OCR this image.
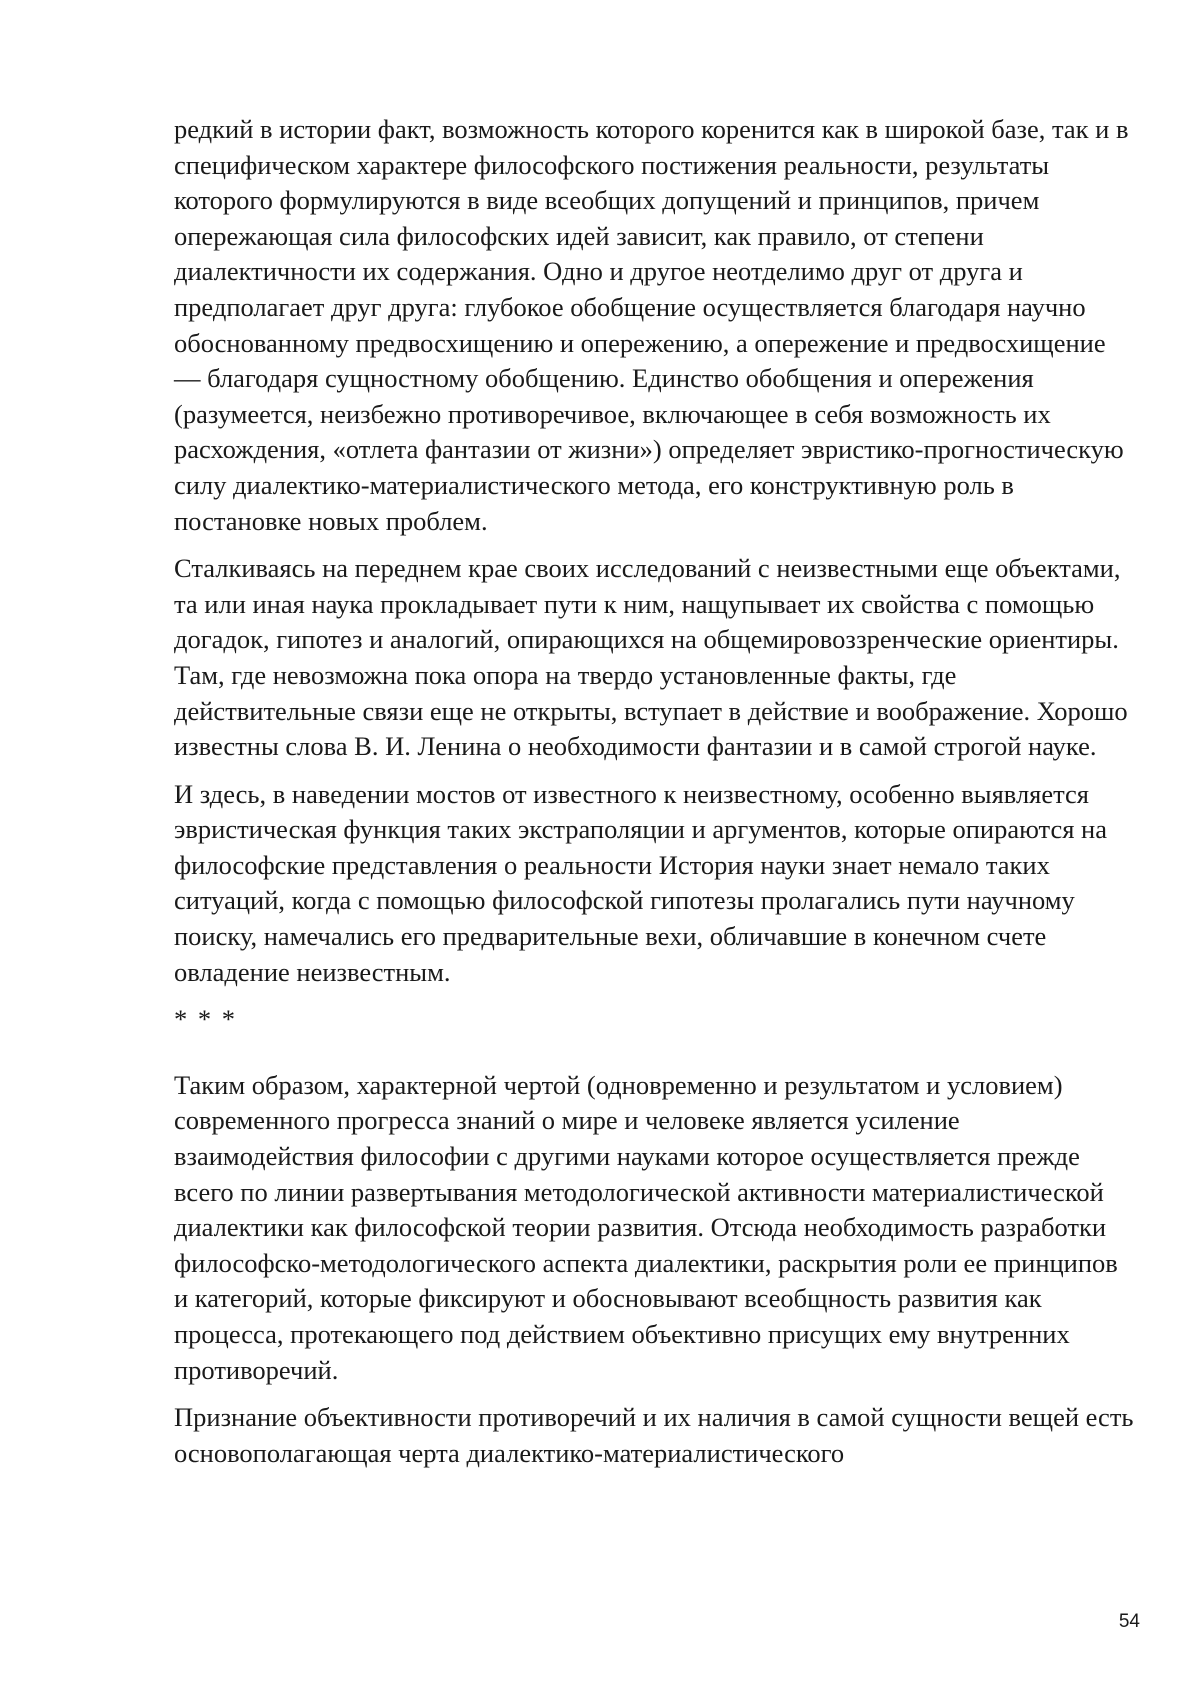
редкий в истории факт, возможность которого коренится как в широкой базе, так и в специфическом характере философского постижения реальности, результаты которого формулируются в виде всеобщих допущений и принципов, причем опережающая сила философских идей зависит, как правило, от степени диалектичности их содержания. Одно и другое неотделимо друг от друга и предполагает друг друга: глубокое обобщение осуществляется благодаря научно обоснованному предвосхищению и опережению, а опережение и предвосхищение — благодаря сущностному обобщению. Единство обобщения и опережения (разумеется, неизбежно противоречивое, включающее в себя возможность их расхождения, «отлета фантазии от жизни») определяет эвристико-прогностическую силу диалектико-материалистического метода, его конструктивную роль в постановке новых проблем.

Сталкиваясь на переднем крае своих исследований с неизвестными еще объектами, та или иная наука прокладывает пути к ним, нащупывает их свойства с помощью догадок, гипотез и аналогий, опирающихся на общемировоззренческие ориентиры. Там, где невозможна пока опора на твердо установленные факты, где действительные связи еще не открыты, вступает в действие и воображение. Хорошо известны слова В. И. Ленина о необходимости фантазии и в самой строгой науке.

И здесь, в наведении мостов от известного к неизвестному, особенно выявляется эвристическая функция таких экстраполяции и аргументов, которые опираются на философские представления о реальности История науки знает немало таких ситуаций, когда с помощью философской гипотезы пролагались пути научному поиску, намечались его предварительные вехи, обличавшие в конечном счете овладение неизвестным.

* * *

Таким образом, характерной чертой (одновременно и результатом и условием) современного прогресса знаний о мире и человеке является усиление взаимодействия философии с другими науками которое осуществляется прежде всего по линии развертывания методологической активности материалистической диалектики как философской теории развития. Отсюда необходимость разработки философско-методологического аспекта диалектики, раскрытия роли ее принципов и категорий, которые фиксируют и обосновывают всеобщность развития как процесса, протекающего под действием объективно присущих ему внутренних противоречий.

Признание объективности противоречий и их наличия в самой сущности вещей есть основополагающая черта диалектико-материалистического

54
